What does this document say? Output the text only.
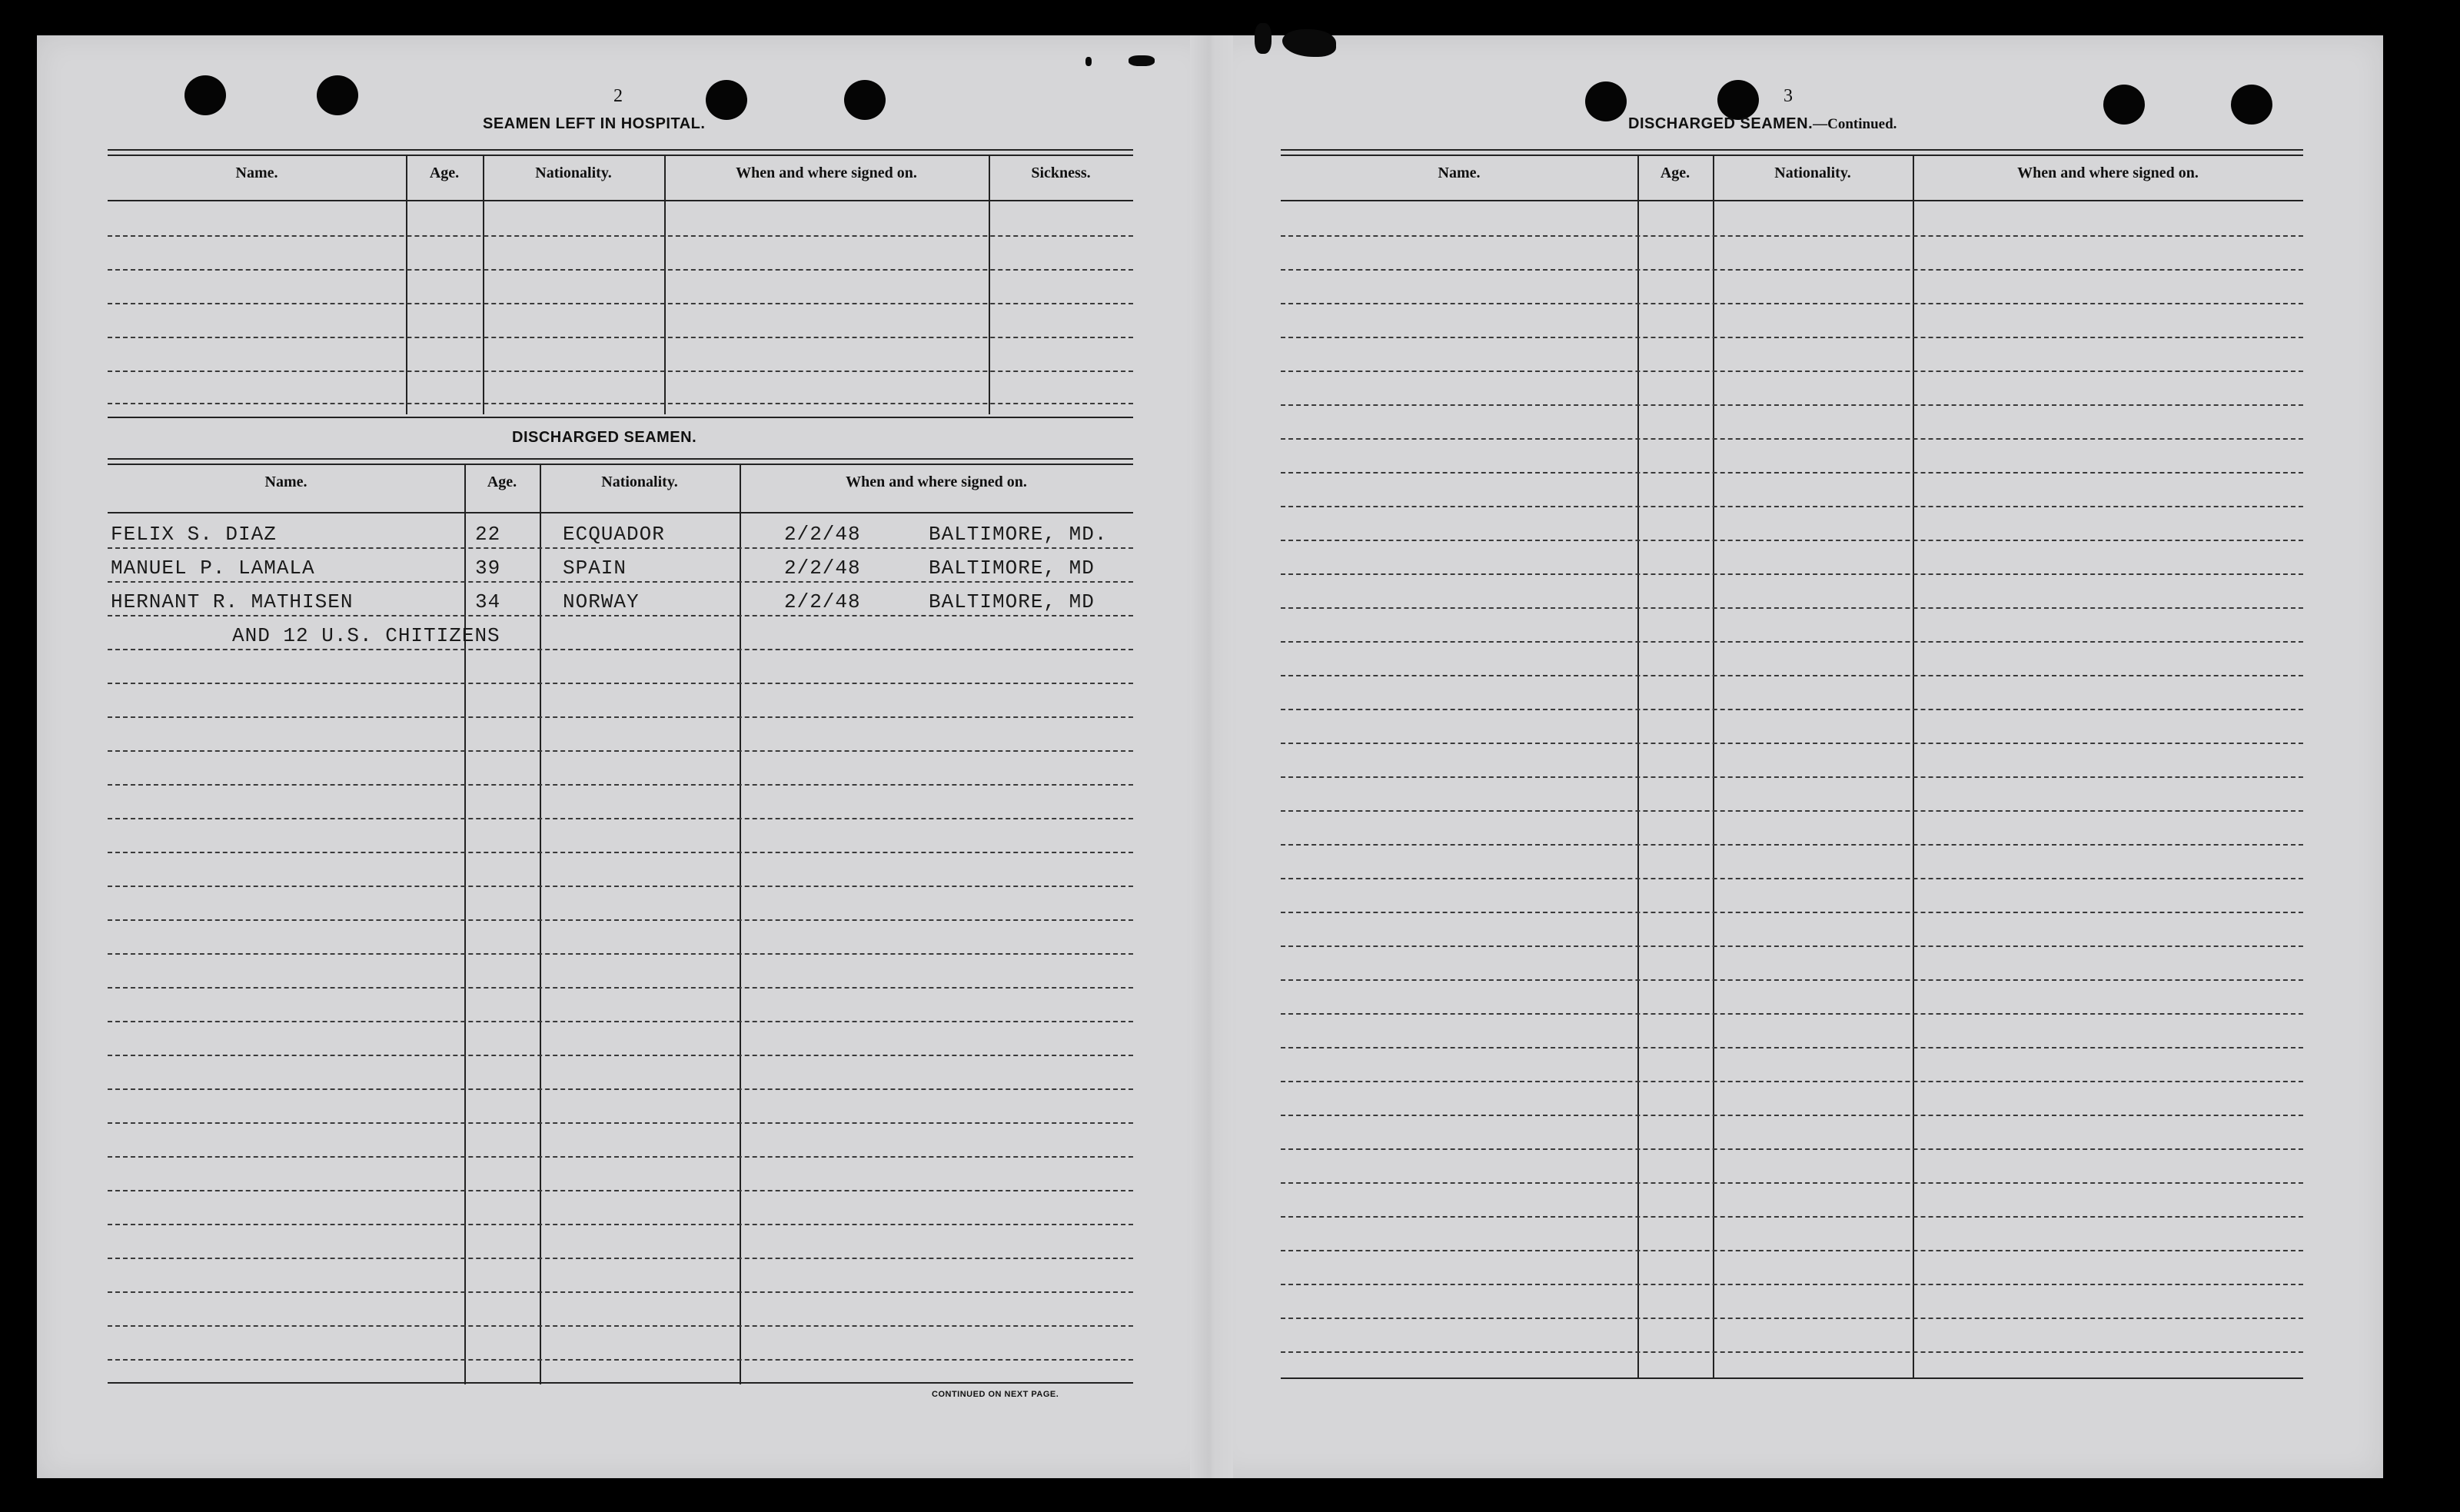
2
SEAMEN LEFT IN HOSPITAL.
Name.	Age.	Nationality.	When and where signed on.	Sickness.
DISCHARGED SEAMEN.
Name.	Age.	Nationality.	When and where signed on.
FELIX S. DIAZ	22	ECQUADOR	2/2/48	BALTIMORE, MD.
MANUEL P. LAMALA	39	SPAIN	2/2/48	BALTIMORE, MD
HERNANT R. MATHISEN	34	NORWAY	2/2/48	BALTIMORE, MD
AND 12 U.S. CHITIZENS
CONTINUED ON NEXT PAGE.
3
DISCHARGED SEAMEN.—Continued.
Name.	Age.	Nationality.	When and where signed on.
